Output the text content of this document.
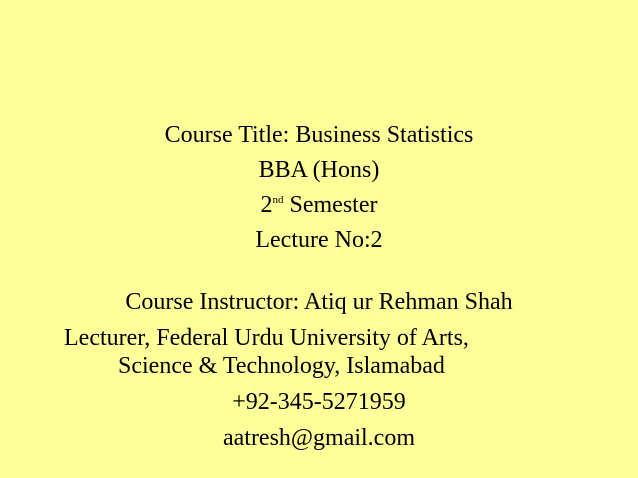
Course Title: Business Statistics
BBA (Hons)
2nd Semester
Lecture No:2
Course Instructor: Atiq ur Rehman Shah
Lecturer, Federal Urdu University of Arts,
Science & Technology, Islamabad
+92-345-5271959
aatresh@gmail.com
